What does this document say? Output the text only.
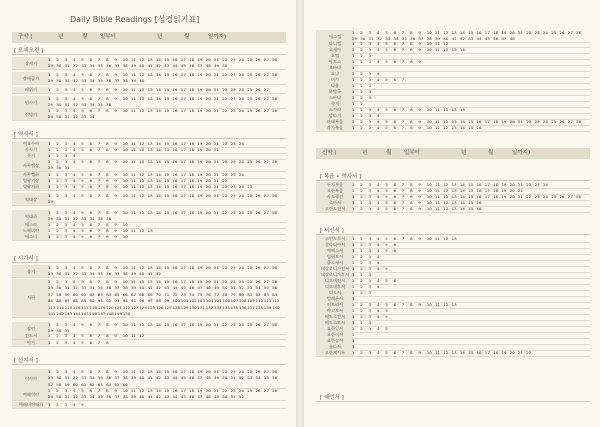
Daily Bible Readings [성경읽기표]
구약 (	년	월 일부터	년	월	일까지)
[ 모세오경 ]
[ 역사서 ]
[ 시가서 ]
[ 선지서 ]
창세기
1 2 3 4 5 6 7 8 9 10 11 12 13 14 15 16 17 18 19 20 21 22 23 24 25 26 27 28
29 30 31 32 33 34 35 36 37 38 39 40 41 42 43 44 45 46 47 48 49 50
출애굽기
1 2 3 4 5 6 7 8 9 10 11 12 13 14 15 16 17 18 19 20 21 22 23 24 25 26 27 28
29 30 31 32 33 34 35 36 37 38 39 40
레위기	1 2 3 4 5 6 7 8 9 10 11 12 13 14 15 16 17 18 19 20 21 22 23 24 25 26 27
민수기
1 2 3 4 5 6 7 8 9 10 11 12 13 14 15 16 17 18 19 20 21 22 23 24 25 26 27 28
29 30 31 32 33 34 35 36
신명기
1 2 3 4 5 6 7 8 9 10 11 12 13 14 15 16 17 18 19 20 21 22 23 24 25 26 27 28
29 30 31 32 33 34
여호수아	1 2 3 4 5 6 7 8 9 10 11 12 13 14 15 16 17 18 19 20 21 22 23 24
사사기	1 2 3 4 5 6 7 8 9 10 11 12 13 14 15 16 17 18 19 20 21
룻기	1 2 3 4
사무엘상
1 2 3 4 5 6 7 8 9 10 11 12 13 14 15 16 17 18 19 20 21 22 23 24 25 26 27 28
29 30 31
사무엘하	1 2 3 4 5 6 7 8 9 10 11 12 13 14 15 16 17 18 19 20 21 22 23 24
열왕기상	1 2 3 4 5 6 7 8 9 10 11 12 13 14 15 16 17 18 19 20 21 22
열왕기하	1 2 3 4 5 6 7 8 9 10 11 12 13 14 15 16 17 18 19 20 21 22 23 24 25
역대상
1 2 3 4 5 6 7 8 9 10 11 12 13 14 15 16 17 18 19 20 21 22 23 24 25 26 27 28
29
역대하
1 2 3 4 5 6 7 8 9 10 11 12 13 14 15 16 17 18 19 20 21 22 23 24 25 26 27 28
29 30 31 32 33 34 35 36
에스라	1 2 3 4 5 6 7 8 9 10
느헤미야	1 2 3 4 5 6 7 8 9 10 11 12 13
에스더	1 2 3 4 5 6 7 8 9 10
욥기
1 2 3 4 5 6 7 8 9 10 11 12 13 14 15 16 17 18 19 20 21 22 23 24 25 26 27 28
29 30 31 32 33 34 35 36 37 38 39 40 41 42
시편
1 2 3 4 5 6 7 8 9 10 11 12 13 14 15 16 17 18 19 20 21 22 23 24 25 26 27 28
29 30 31 32 33 34 35 36 37 38 39 40 41 42 43 44 45 46 47 48 49 50 51 52 53 54 55 56
57 58 59 60 61 62 63 64 65 66 67 68 69 70 71 72 73 74 75 76 77 78 79 80 81 82 83 84
85 86 87 88 89 90 91 92 93 94 95 96 97 98 99 100 101 102 103 104 105 106 107 108 109 110 111 112
113 114 115 116 117 118 119 120 121 122 123 124 125 126 127 128 129 130 131 132 133 134 135 136 137 138 139 140
141 142 143 144 145 146 147 148 149 150
잠언
1 2 3 4 5 6 7 8 9 10 11 12 13 14 15 16 17 18 19 20 21 22 23 24 25 26 27 28
29 30 31
전도서	1 2 3 4 5 6 7 8 9 10 11 12
아가	1 2 3 4 5 6 7 8
이사야
1 2 3 4 5 6 7 8 9 10 11 12 13 14 15 16 17 18 19 20 21 22 23 24 25 26 27 28
29 30 31 32 33 34 35 36 37 38 39 40 41 42 43 44 45 46 47 48 49 50 51 52 53 54 55 56
57 58 59 60 61 62 63 64 65 66
예레미야
1 2 3 4 5 6 7 8 9 10 11 12 13 14 15 16 17 18 19 20 21 22 23 24 25 26 27 28
29 30 31 32 33 34 35 36 37 38 39 40 41 42 43 44 45 46 47 48 49 50 51 52
예레미야애가	1 2 3 4 5
신약 (	년	월 일부터	년	월	일까지)
[ 복음 • 역사서 ]
[ 서신서 ]
[ 예언서 ]
에스겔
1 2 3 4 5 6 7 8 9 10 11 12 13 14 15 16 17 18 19 20 21 22 23 24 25 26 27 28
29 30 31 32 33 34 35 36 37 38 39 40 41 42 43 44 45 46 47 48
다니엘	1 2 3 4 5 6 7 8 9 10 11 12
호세아	1 2 3 4 5 6 7 8 9 10 11 12 13 14
요엘	1 2 3
아모스	1 2 3 4 5 6 7 8 9
오바댜	1
요나	1 2 3 4
미가	1 2 3 4 5 6 7
나훔	1 2 3
하박국	1 2 3
스바냐	1 2 3
학개	1 2
스가랴	1 2 3 4 5 6 7 8 9 10 11 12 13 14
말라기	1 2 3 4
마태복음	1 2 3 4 5 6 7 8 9 10 11 12 13 14 15 16 17 18 19 20 21 22 23 24 25 26 27 28
마가복음	1 2 3 4 5 6 7 8 9 10 11 12 13 14 15 16
누가복음	1 2 3 4 5 6 7 8 9 10 11 12 13 14 15 16 17 18 19 20 21 22 23 24
요한복음	1 2 3 4 5 6 7 8 9 10 11 12 13 14 15 16 17 18 19 20 21
사도행전	1 2 3 4 5 6 7 8 9 10 11 12 13 14 15 16 17 18 19 20 21 22 23 24 25 26 27 28
로마서	1 2 3 4 5 6 7 8 9 10 11 12 13 14 15 16
고린도전서	1 2 3 4 5 6 7 8 9 10 11 12 13 14 15 16
고린도후서	1 2 3 4 5 6 7 8 9 10 11 12 13
갈라디아서	1 2 3 4 5 6
에베소서	1 2 3 4 5 6
빌립보서	1 2 3 4
골로새서	1 2 3 4
데살로니가전서 1 2 3 4 5
데살로니가후서 1 2 3
디모데전서	1 2 3 4 5 6
디모데후서	1 2 3 4
디도서	1 2 3
빌레몬서	1
히브리서	1 2 3 4 5 6 7 8 9 10 11 12 13
야고보서	1 2 3 4 5
베드로전서	1 2 3 4 5
베드로후서	1 2 3
요한일서	1 2 3 4 5
요한이서	1
요한삼서	1
유다서	1
요한계시록	1 2 3 4 5 6 7 8 9 10 11 12 13 14 15 16 17 18 19 20 21 22
